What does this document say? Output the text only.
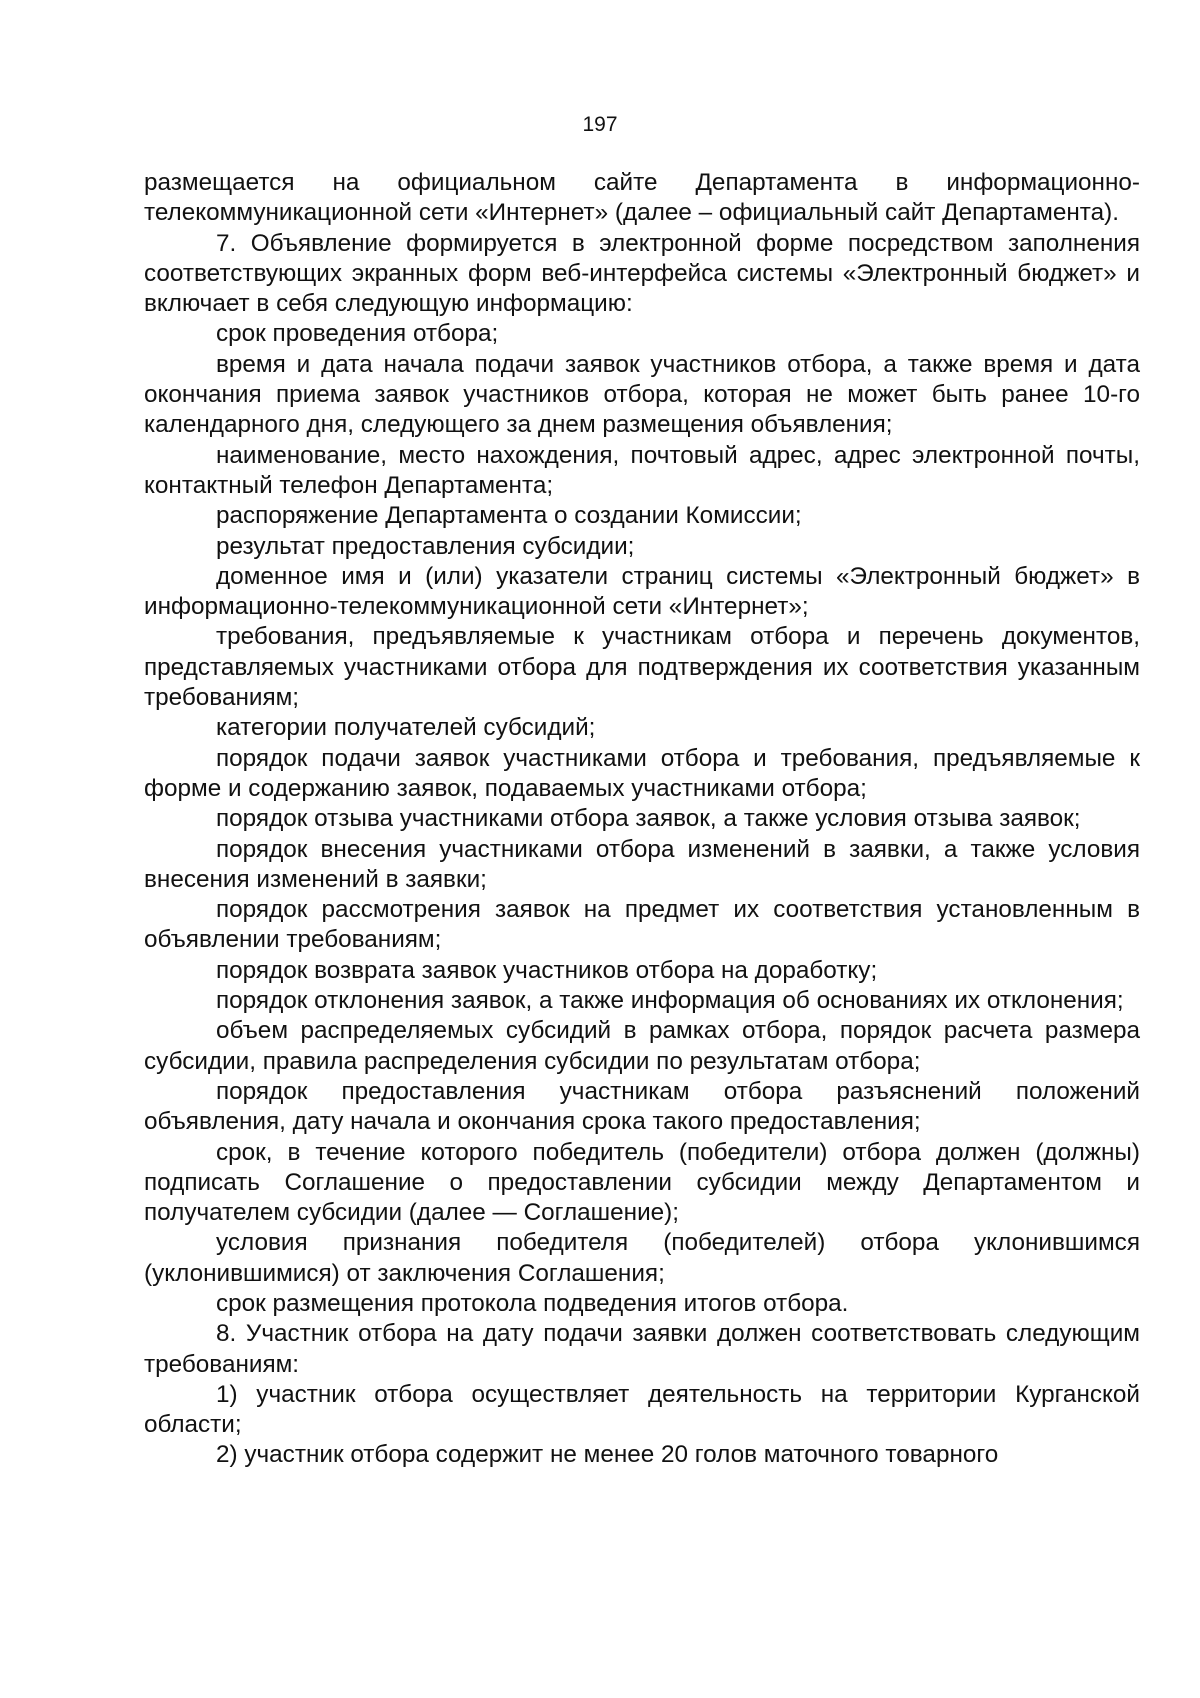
197

размещается на официальном сайте Департамента в информационно-телекоммуникационной сети «Интернет» (далее – официальный сайт Департамента).

7. Объявление формируется в электронной форме посредством заполнения соответствующих экранных форм веб-интерфейса системы «Электронный бюджет» и включает в себя следующую информацию:

срок проведения отбора;

время и дата начала подачи заявок участников отбора, а также время и дата окончания приема заявок участников отбора, которая не может быть ранее 10-го календарного дня, следующего за днем размещения объявления;

наименование, место нахождения, почтовый адрес, адрес электронной почты, контактный телефон Департамента;

распоряжение Департамента о создании Комиссии;

результат предоставления субсидии;

доменное имя и (или) указатели страниц системы «Электронный бюджет» в информационно-телекоммуникационной сети «Интернет»;

требования, предъявляемые к участникам отбора и перечень документов, представляемых участниками отбора для подтверждения их соответствия указанным требованиям;

категории получателей субсидий;

порядок подачи заявок участниками отбора и требования, предъявляемые к форме и содержанию заявок, подаваемых участниками отбора;

порядок отзыва участниками отбора заявок, а также условия отзыва заявок;

порядок внесения участниками отбора изменений в заявки, а также условия внесения изменений в заявки;

порядок рассмотрения заявок на предмет их соответствия установленным в объявлении требованиям;

порядок возврата заявок участников отбора на доработку;

порядок отклонения заявок, а также информация об основаниях их отклонения;

объем распределяемых субсидий в рамках отбора, порядок расчета размера субсидии, правила распределения субсидии по результатам отбора;

порядок предоставления участникам отбора разъяснений положений объявления, дату начала и окончания срока такого предоставления;

срок, в течение которого победитель (победители) отбора должен (должны) подписать Соглашение о предоставлении субсидии между Департаментом и получателем субсидии (далее — Соглашение);

условия признания победителя (победителей) отбора уклонившимся (уклонившимися) от заключения Соглашения;

срок размещения протокола подведения итогов отбора.

8. Участник отбора на дату подачи заявки должен соответствовать следующим требованиям:

1) участник отбора осуществляет деятельность на территории Курганской области;

2) участник отбора содержит не менее 20 голов маточного товарного
